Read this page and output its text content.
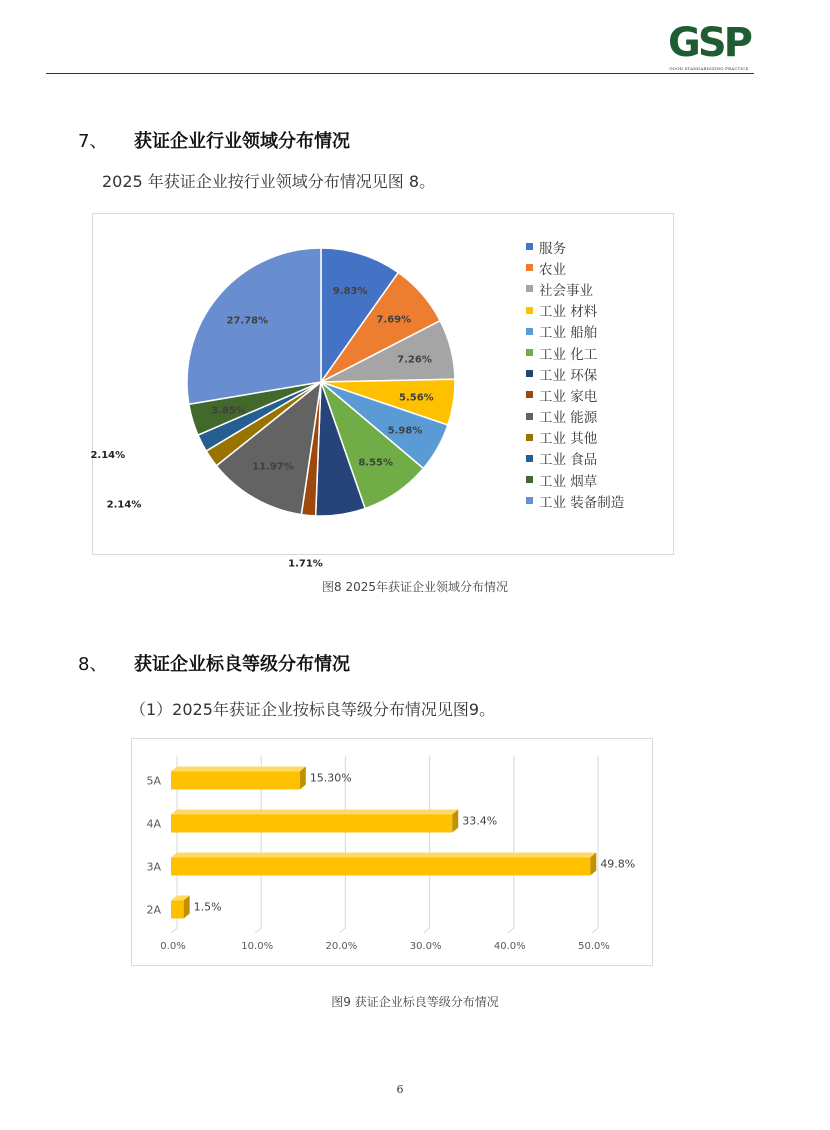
GSP
GOOD STANDARDIZING PRACTICE
7、 获证企业行业领域分布情况
2025 年获证企业按行业领域分布情况见图 8。
9.83%
7.69%
7.26%
5.56%
5.98%
8.55%
1.71%
11.97%
2.14%
2.14%
3.85%
27.78%
服务
农业
社会事业
工业 材料
工业 船舶
工业 化工
工业 环保
工业 家电
工业 能源
工业 其他
工业 食品
工业 烟草
工业 装备制造
图8 2025年获证企业领域分布情况
8、 获证企业标良等级分布情况
（1）2025年获证企业按标良等级分布情况见图9。
0.0%	10.0%	20.0%	30.0%	40.0%	50.0%
5A	15.30%
4A	33.4%
3A	49.8%
2A	1.5%
图9 获证企业标良等级分布情况
6
